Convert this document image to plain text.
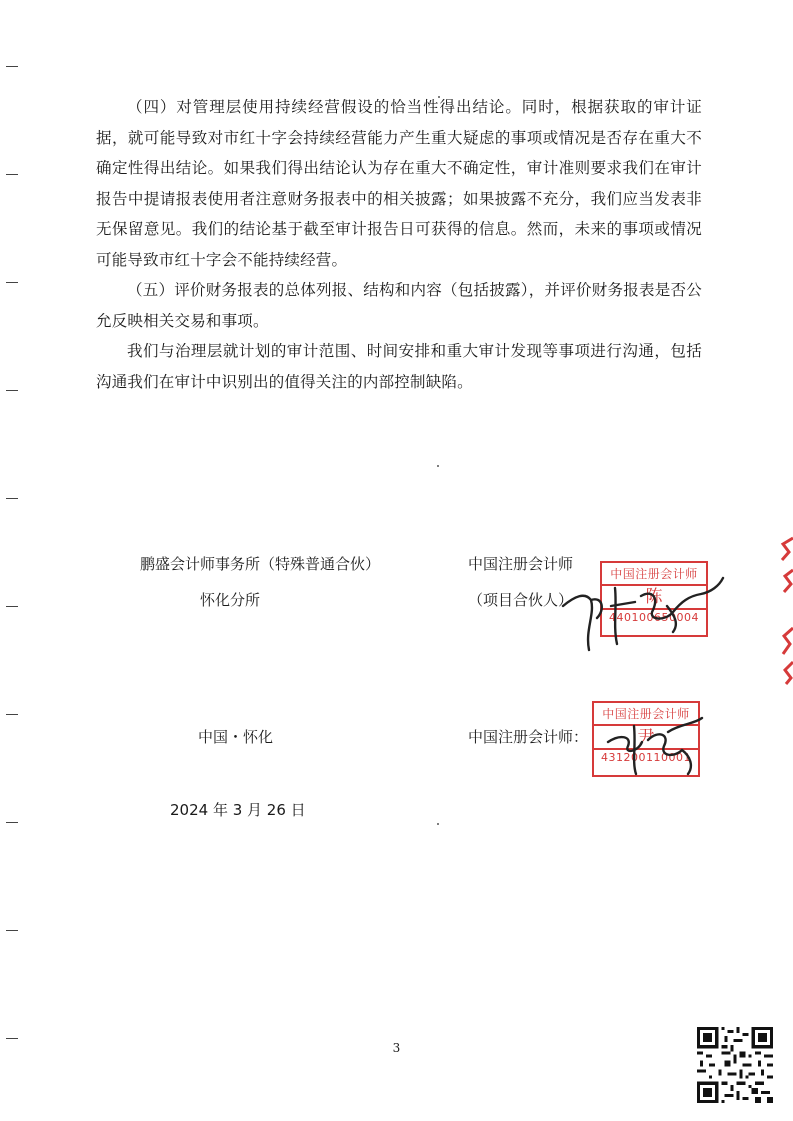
（四）对管理层使用持续经营假设的恰当性得出结论。同时，根据获取的审计证据，就可能导致对市红十字会持续经营能力产生重大疑虑的事项或情况是否存在重大不确定性得出结论。如果我们得出结论认为存在重大不确定性，审计准则要求我们在审计报告中提请报表使用者注意财务报表中的相关披露；如果披露不充分，我们应当发表非无保留意见。我们的结论基于截至审计报告日可获得的信息。然而，未来的事项或情况可能导致市红十字会不能持续经营。

（五）评价财务报表的总体列报、结构和内容（包括披露），并评价财务报表是否公允反映相关交易和事项。

我们与治理层就计划的审计范围、时间安排和重大审计发现等事项进行沟通，包括沟通我们在审计中识别出的值得关注的内部控制缺陷。

鹏盛会计师事务所（特殊普通合伙）
怀化分所
中国・怀化
2024 年 3 月 26 日
中国注册会计师
（项目合伙人）
中国注册会计师
陈
440100650004
中国注册会计师：
中国注册会计师
尹
431200110001
3
